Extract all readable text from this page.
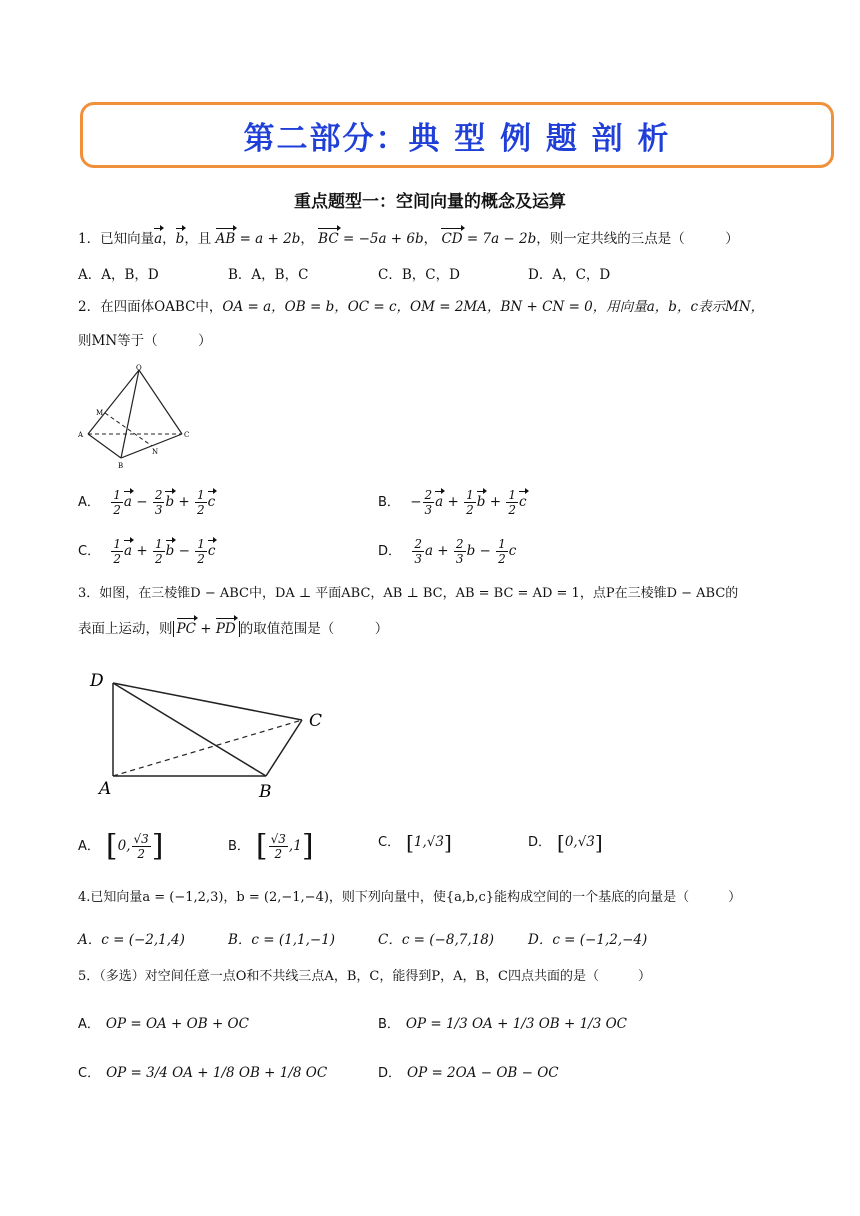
第二部分：典 型 例 题 剖 析
重点题型一：空间向量的概念及运算
1．已知向量a，b，且 AB = a + 2b， BC = −5a + 6b， CD = 7a − 2b，则一定共线的三点是（　　　）
A．A，B，D	B．A，B，C	C．B，C，D	D．A，C，D
2．在四面体OABC中，OA = a，OB = b，OC = c，OM = 2MA，BN + CN = 0，用向量a，b，c表示MN，
则MN等于（　　　）
O
M
A	C
N
B
A． $\frac{1}{2}$ $a - \frac{2}{3}$ $b + \frac{1}{2}$ c	B． − $\frac{2}{3}$ $a + \frac{1}{2}$ $b + \frac{1}{2}$ c
C． $\frac{1}{2}$ $a + \frac{1}{2}$ $b - \frac{1}{2}$ c	D． $\frac{2}{3}$ $a + \frac{2}{3}$ $b - \frac{1}{2}$ c
3．如图，在三棱锥D − ABC中，DA ⊥ 平面ABC，AB ⊥ BC，AB = BC = AD = 1，点P在三棱锥D − ABC的
表面上运动，则 PC + PD 的取值范围是（　　　）
D
C
A	B
A． [0, $\frac{√3}{2}$ ]	B． [ $\frac{√3}{2} ,1$]	C． [1,√3]	D． [0,√3]
4.已知向量a = (−1,2,3)，b = (2,−1,−4)，则下列向量中，使{a,b,c}能构成空间的一个基底的向量是（　　　）
A．c = (−2,1,4)	B．c = (1,1,−1)	C．c = (−8,7,18)	D．c = (−1,2,−4)
5．（多选）对空间任意一点O和不共线三点A，B，C，能得到P，A，B，C四点共面的是（　　　）
A． OP = OA + OB + OC	B． OP = 1/3 OA + 1/3 OB + 1/3 OC
C． OP = 3/4 OA + 1/8 OB + 1/8 OC	D． OP = 2OA − OB − OC
